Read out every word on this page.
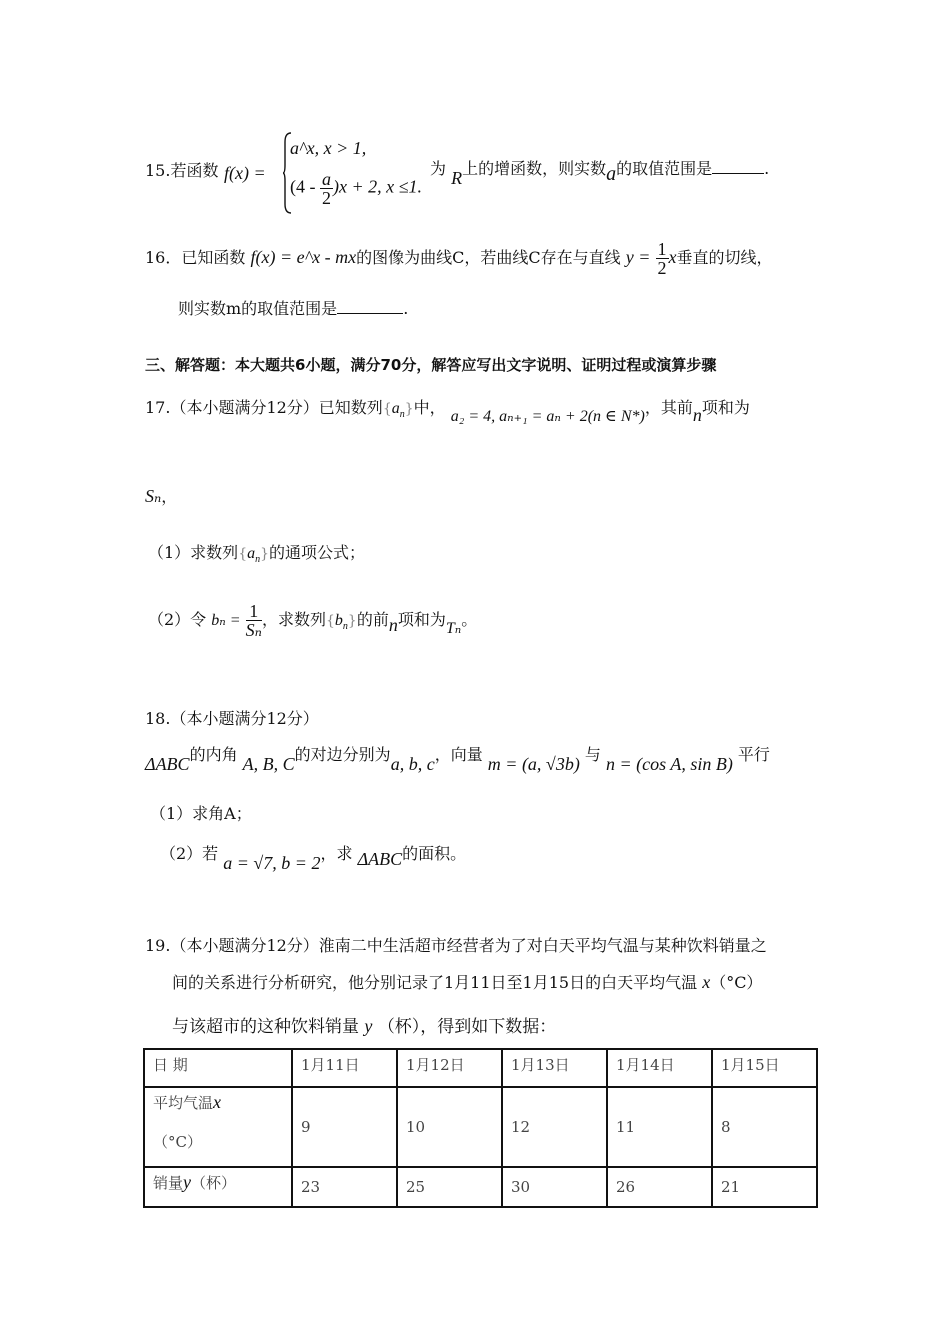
15.若函数 f(x) =
a^x, x > 1,
$(4 - \frac{a}{2} )x + 2$, x ≤1.
为 R上的增函数，则实数a的取值范围是	.
16．已知函数 f(x) = e^x - mx的图像为曲线C，若曲线C存在与直线 $y = \frac{1}{2}$ x垂直的切线，
则实数m的取值范围是	.
三、解答题：本大题共6小题，满分70分，解答应写出文字说明、证明过程或演算步骤
17.（本小题满分12分）已知数列$\{a_n\}$中， a₂ = 4, aₙ₊₁ = aₙ + 2(n ∈ N*)，其前n项和为
Sₙ，
（1）求数列$\{a_n\}$的通项公式；
（2）令 $b_n = \frac{1}{\text{Sₙ}}$ ，求数列$\{b_n\}$的前n项和为Tₙ。
18.（本小题满分12分）
ΔABC的内角 A, B, C的对边分别为a, b, c，向量 m = (a, √3b) 与 n = (cos A, sin B) 平行
（1）求角A；
（2）若 a = √7, b = 2，求 ΔABC的面积。
19.（本小题满分12分）淮南二中生活超市经营者为了对白天平均气温与某种饮料销量之
间的关系进行分析研究，他分别记录了1月11日至1月15日的白天平均气温 x（°C）
与该超市的这种饮料销量 y （杯），得到如下数据：
日 期	1月11日	1月12日	1月13日	1月14日	1月15日
平均气温x

（°C）	9	10	12	11	8
销量y（杯）	23	25	30	26	21
